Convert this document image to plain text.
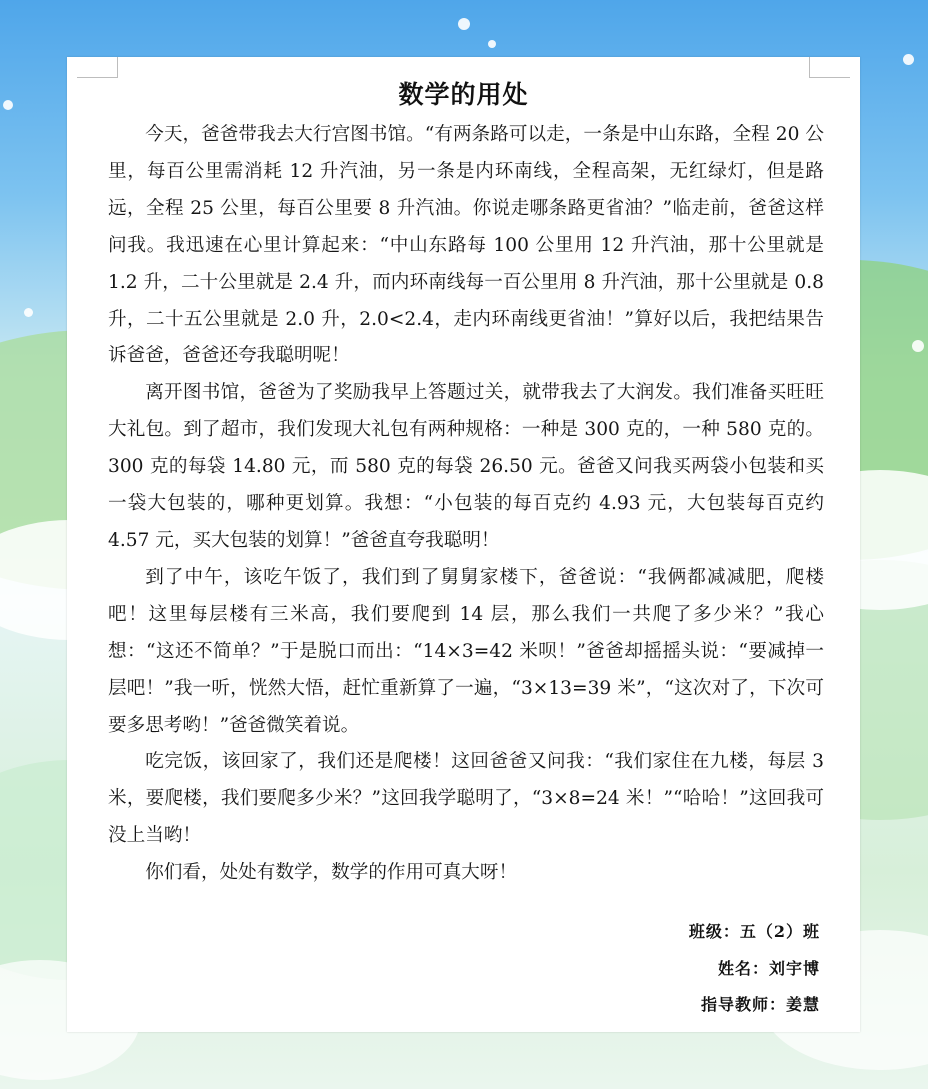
数学的用处

今天，爸爸带我去大行宫图书馆。“有两条路可以走，一条是中山东路，全程 20 公里，每百公里需消耗 12 升汽油，另一条是内环南线，全程高架，无红绿灯，但是路远，全程 25 公里，每百公里要 8 升汽油。你说走哪条路更省油？”临走前，爸爸这样问我。我迅速在心里计算起来：“中山东路每 100 公里用 12 升汽油，那十公里就是 1.2 升，二十公里就是 2.4 升，而内环南线每一百公里用 8 升汽油，那十公里就是 0.8 升，二十五公里就是 2.0 升，2.0<2.4，走内环南线更省油！”算好以后，我把结果告诉爸爸，爸爸还夸我聪明呢！

离开图书馆，爸爸为了奖励我早上答题过关，就带我去了大润发。我们准备买旺旺大礼包。到了超市，我们发现大礼包有两种规格：一种是 300 克的，一种 580 克的。300 克的每袋 14.80 元，而 580 克的每袋 26.50 元。爸爸又问我买两袋小包装和买一袋大包装的，哪种更划算。我想：“小包装的每百克约 4.93 元，大包装每百克约 4.57 元，买大包装的划算！”爸爸直夸我聪明！

到了中午，该吃午饭了，我们到了舅舅家楼下，爸爸说：“我俩都减减肥，爬楼吧！这里每层楼有三米高，我们要爬到 14 层，那么我们一共爬了多少米？”我心想：“这还不简单？”于是脱口而出：“14×3=42 米呗！”爸爸却摇摇头说：“要减掉一层吧！”我一听，恍然大悟，赶忙重新算了一遍，“3×13=39 米”，“这次对了，下次可要多思考哟！”爸爸微笑着说。

吃完饭，该回家了，我们还是爬楼！这回爸爸又问我：“我们家住在九楼，每层 3 米，要爬楼，我们要爬多少米？”这回我学聪明了，“3×8=24 米！”“哈哈！”这回我可没上当哟！

你们看，处处有数学，数学的作用可真大呀！

班级：五（2）班
姓名：刘宇博
指导教师：姜慧
